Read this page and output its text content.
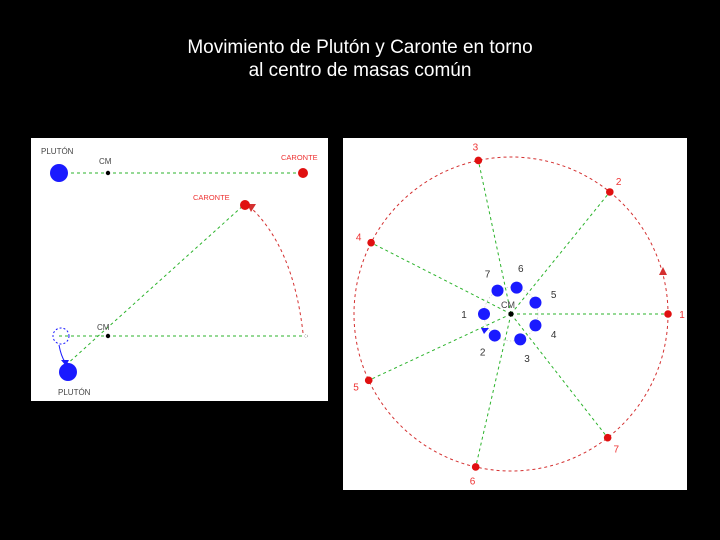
Movimiento de Plutón y Caronte en torno
al centro de masas común
PLUTÓN
CM	CARONTE
CARONTE
CM
PLUTÓN
1
2
3
4
5
6
7
1
2
3
4
5
6
7
CM
